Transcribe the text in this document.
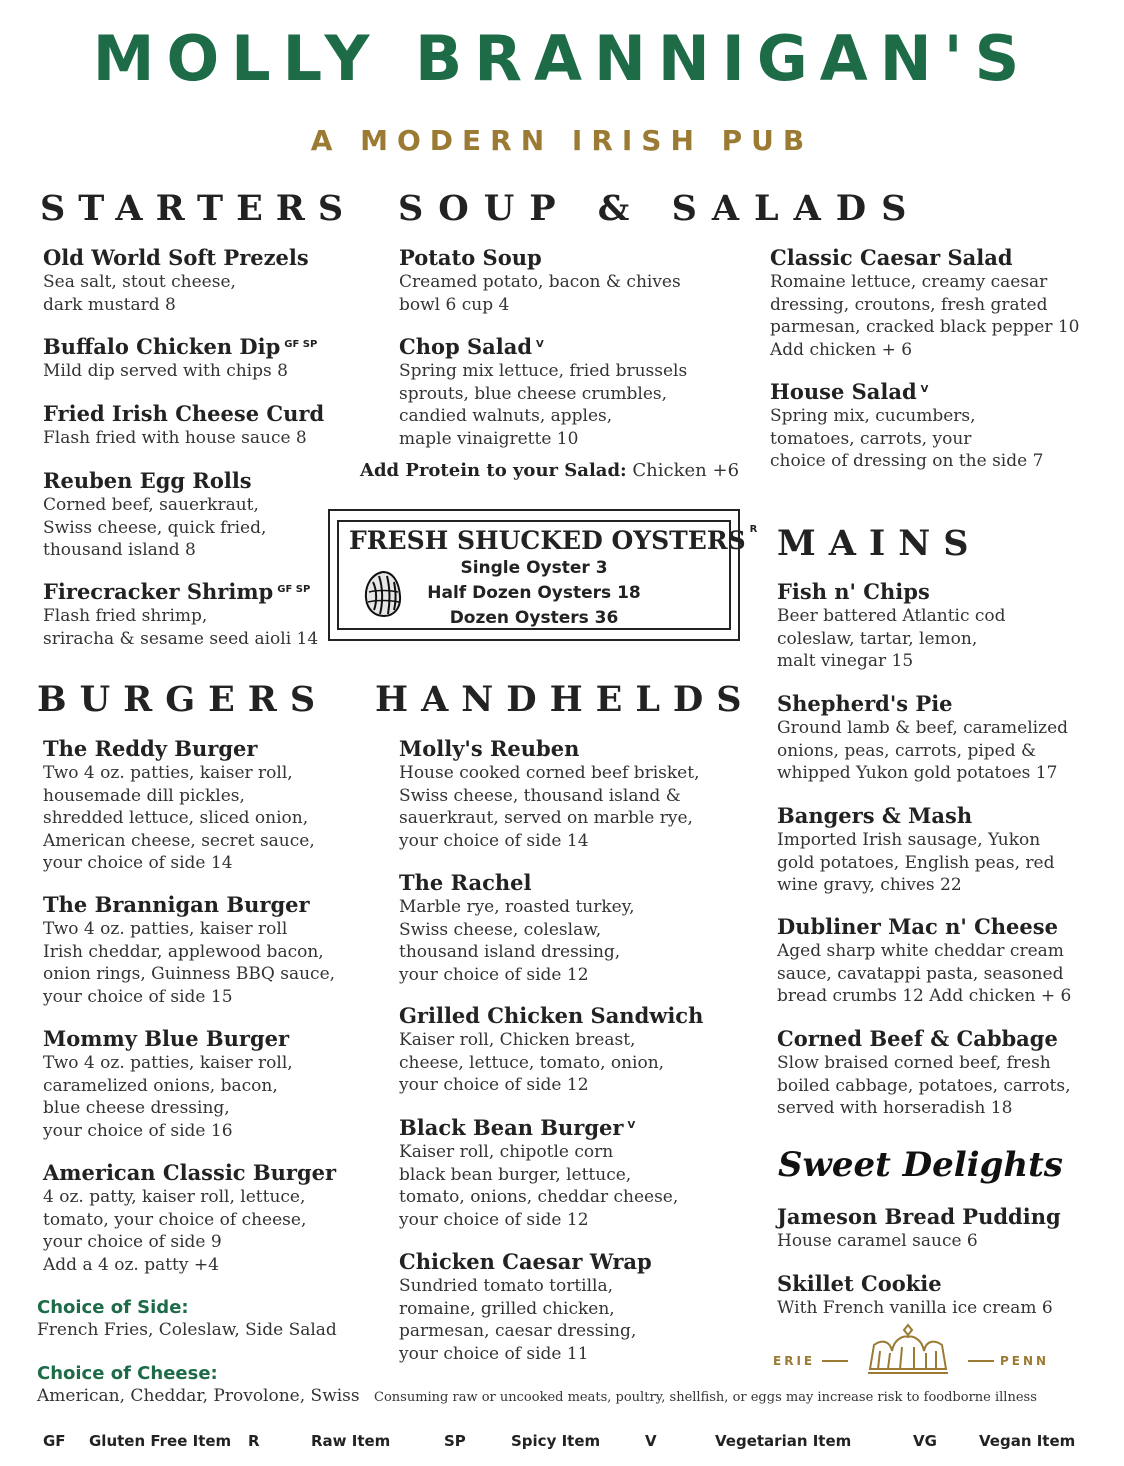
MOLLY BRANNIGAN'S
A MODERN IRISH PUB
STARTERS SOUP & SALADS
MAINS
BURGERS HANDHELDS
Old World Soft Prezels
Sea salt, stout cheese,
dark mustard 8
Buffalo Chicken Dip $^{GF SP}$
Mild dip served with chips 8
Fried Irish Cheese Curd
Flash fried with house sauce 8
Reuben Egg Rolls
Corned beef, sauerkraut,
Swiss cheese, quick fried,
thousand island 8
Firecracker Shrimp $^{GF SP}$
Flash fried shrimp,
sriracha & sesame seed aioli 14
Potato Soup
Creamed potato, bacon & chives
bowl 6 cup 4
Chop Salad $^V$
Spring mix lettuce, fried brussels
sprouts, blue cheese crumbles,
candied walnuts, apples,
maple vinaigrette 10
Add Protein to your Salad: Chicken +6
Classic Caesar Salad
Romaine lettuce, creamy caesar
dressing, croutons, fresh grated
parmesan, cracked black pepper 10
Add chicken + 6
House Salad $^V$
Spring mix, cucumbers,
tomatoes, carrots, your
choice of dressing on the side 7
FRESH SHUCKED OYSTERS $^R$
Single Oyster 3
Half Dozen Oysters 18
Dozen Oysters 36
Fish n' Chips
Beer battered Atlantic cod
coleslaw, tartar, lemon,
malt vinegar 15
Shepherd's Pie
Ground lamb & beef, caramelized
onions, peas, carrots, piped &
whipped Yukon gold potatoes 17
Bangers & Mash
Imported Irish sausage, Yukon
gold potatoes, English peas, red
wine gravy, chives 22
Dubliner Mac n' Cheese
Aged sharp white cheddar cream
sauce, cavatappi pasta, seasoned
bread crumbs 12 Add chicken + 6
Corned Beef & Cabbage
Slow braised corned beef, fresh
boiled cabbage, potatoes, carrots,
served with horseradish 18
Sweet Delights
Jameson Bread Pudding
House caramel sauce 6
Skillet Cookie
With French vanilla ice cream 6
ERIE	PENN
The Reddy Burger
Two 4 oz. patties, kaiser roll,
housemade dill pickles,
shredded lettuce, sliced onion,
American cheese, secret sauce,
your choice of side 14
The Brannigan Burger
Two 4 oz. patties, kaiser roll
Irish cheddar, applewood bacon,
onion rings, Guinness BBQ sauce,
your choice of side 15
Mommy Blue Burger
Two 4 oz. patties, kaiser roll,
caramelized onions, bacon,
blue cheese dressing,
your choice of side 16
American Classic Burger
4 oz. patty, kaiser roll, lettuce,
tomato, your choice of cheese,
your choice of side 9
Add a 4 oz. patty +4
Choice of Side:
French Fries, Coleslaw, Side Salad
Choice of Cheese:
American, Cheddar, Provolone, Swiss
Molly's Reuben
House cooked corned beef brisket,
Swiss cheese, thousand island &
sauerkraut, served on marble rye,
your choice of side 14
The Rachel
Marble rye, roasted turkey,
Swiss cheese, coleslaw,
thousand island dressing,
your choice of side 12
Grilled Chicken Sandwich
Kaiser roll, Chicken breast,
cheese, lettuce, tomato, onion,
your choice of side 12
Black Bean Burger $^V$
Kaiser roll, chipotle corn
black bean burger, lettuce,
tomato, onions, cheddar cheese,
your choice of side 12
Chicken Caesar Wrap
Sundried tomato tortilla,
romaine, grilled chicken,
parmesan, caesar dressing,
your choice of side 11
Consuming raw or uncooked meats, poultry, shellfish, or eggs may increase risk to foodborne illness
GF Gluten Free Item R	Raw Item	SP	Spicy Item	V	Vegetarian Item	VG	Vegan Item
